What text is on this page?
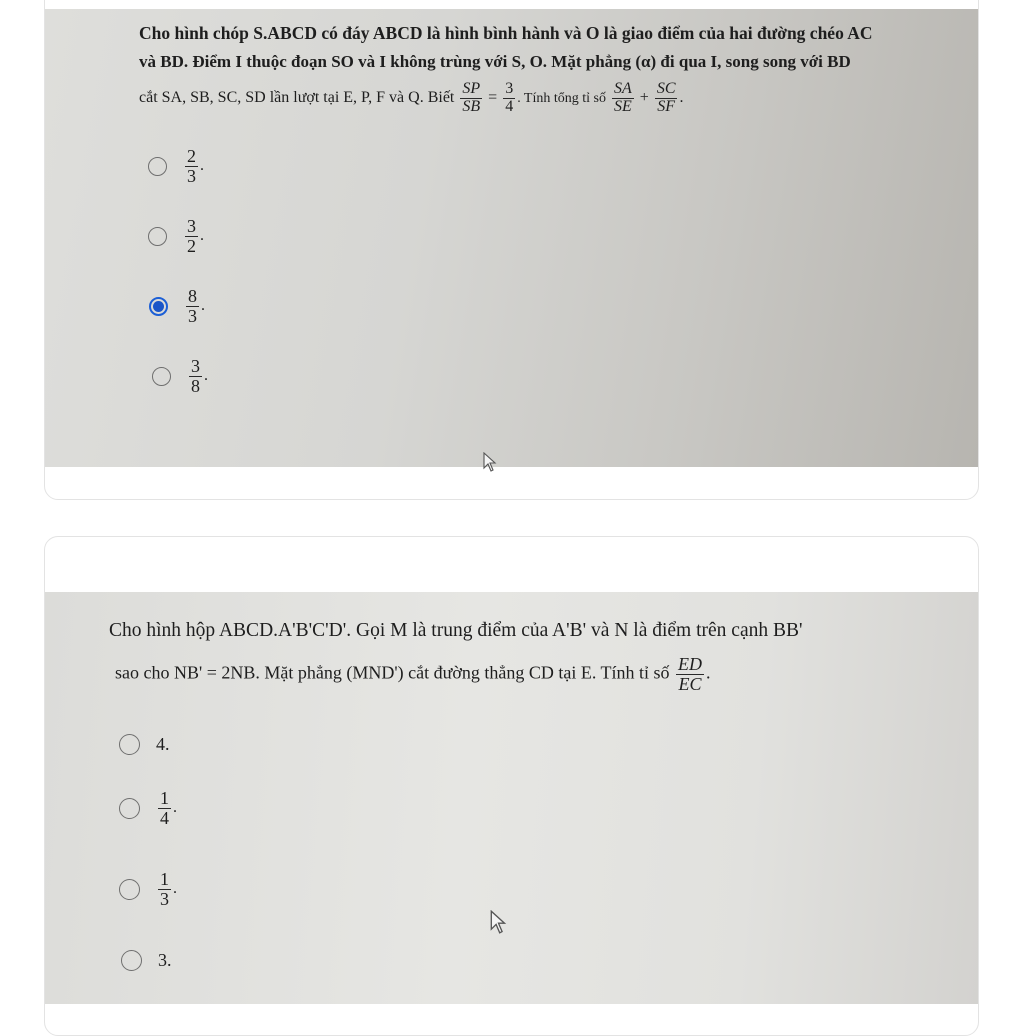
Cho hình chóp S.ABCD có đáy ABCD là hình bình hành và O là giao điểm của hai đường chéo AC
và BD. Điểm I thuộc đoạn SO và I không trùng với S, O. Mặt phẳng (α) đi qua I, song song với BD
cắt SA, SB, SC, SD lần lượt tại E, P, F và Q. Biết $\frac{SP}{SB} = \frac{3}{4}$ . Tính tổng tỉ số $\frac{SA}{SE} + \frac{SC}{SF}$ .
$\frac{2}{3}$ .
$\frac{3}{2}$ .
$\frac{8}{3}$ .
$\frac{3}{8}$ .
Cho hình hộp ABCD.A'B'C'D'. Gọi M là trung điểm của A'B' và N là điểm trên cạnh BB'
sao cho NB' = 2NB. Mặt phẳng (MND') cắt đường thẳng CD tại E. Tính tỉ số $\frac{ED}{EC}$ .
4.
$\frac{1}{4}$ .
$\frac{1}{3}$ .
3.
